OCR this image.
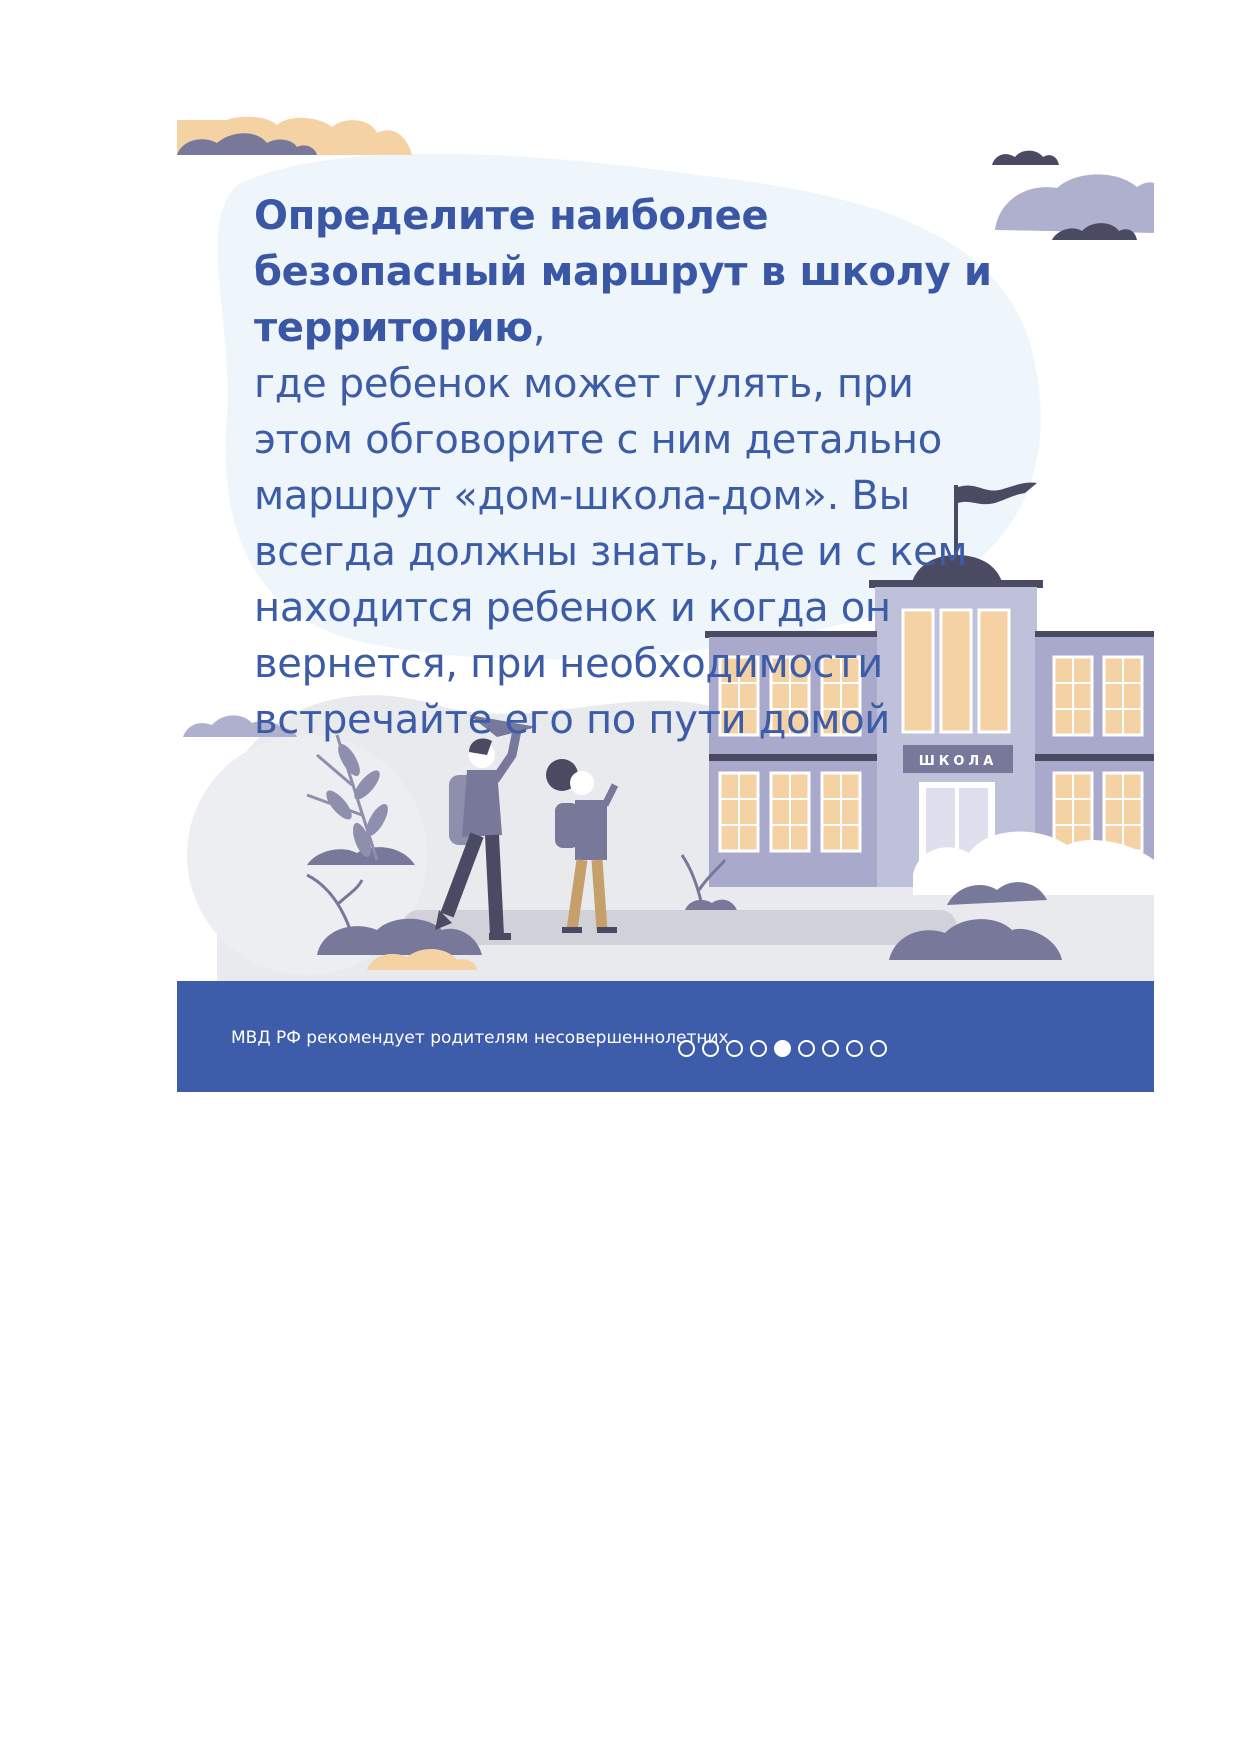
ШКОЛА

Определите наиболее безопасный маршрут в школу и территорию,

где ребенок может гулять, при этом обговорите с ним детально маршрут «дом-школа-дом». Вы всегда должны знать, где и с кем находится ребенок и когда он вернется, при необходимости встречайте его по пути домой

МВД РФ рекомендует родителям несовершеннолетних
